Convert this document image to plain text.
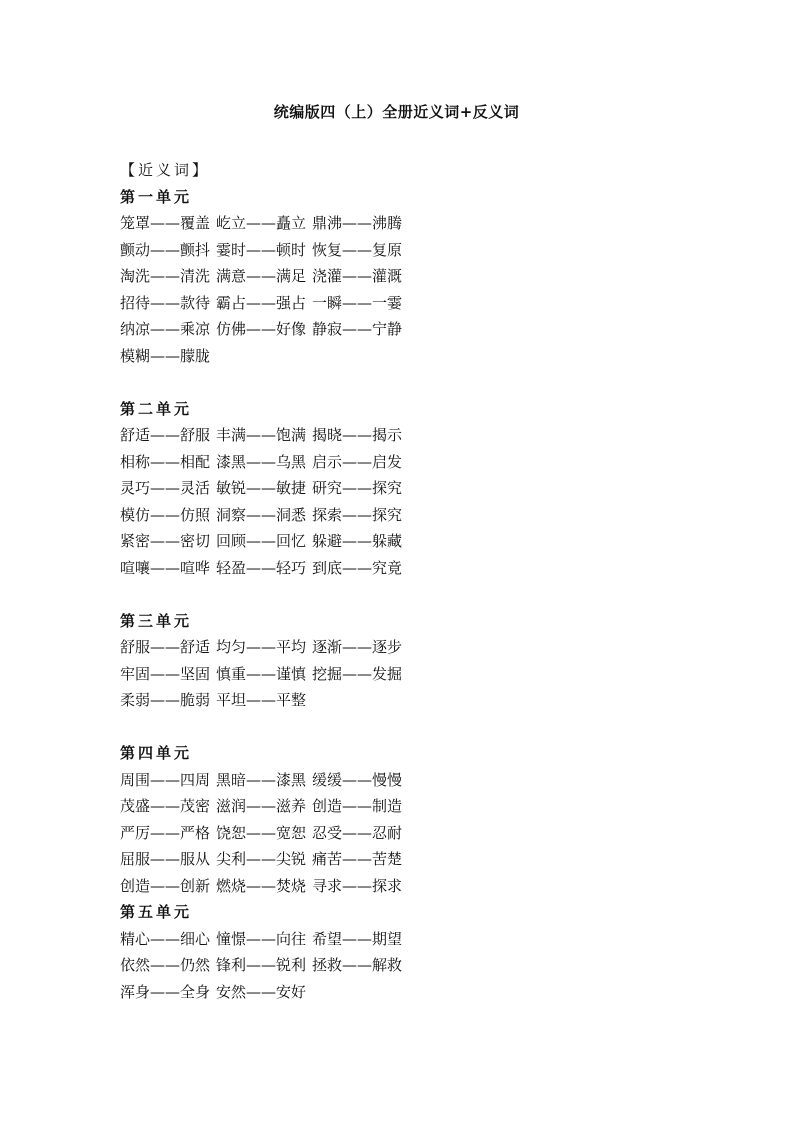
统编版四（上）全册近义词+反义词
【近义词】
第一单元
笼罩——覆盖 屹立——矗立 鼎沸——沸腾
颤动——颤抖 霎时——顿时 恢复——复原
淘洗——清洗 满意——满足 浇灌——灌溉
招待——款待 霸占——强占 一瞬——一霎
纳凉——乘凉 仿佛——好像 静寂——宁静
模糊——朦胧
第二单元
舒适——舒服 丰满——饱满 揭晓——揭示
相称——相配 漆黑——乌黑 启示——启发
灵巧——灵活 敏锐——敏捷 研究——探究
模仿——仿照 洞察——洞悉 探索——探究
紧密——密切 回顾——回忆 躲避——躲藏
喧嚷——喧哗 轻盈——轻巧 到底——究竟
第三单元
舒服——舒适 均匀——平均 逐渐——逐步
牢固——坚固 慎重——谨慎 挖掘——发掘
柔弱——脆弱 平坦——平整
第四单元
周围——四周 黑暗——漆黑 缓缓——慢慢
茂盛——茂密 滋润——滋养 创造——制造
严厉——严格 饶恕——宽恕 忍受——忍耐
屈服——服从 尖利——尖锐 痛苦——苦楚
创造——创新 燃烧——焚烧 寻求——探求
第五单元
精心——细心 憧憬——向往 希望——期望
依然——仍然 锋利——锐利 拯救——解救
浑身——全身 安然——安好
